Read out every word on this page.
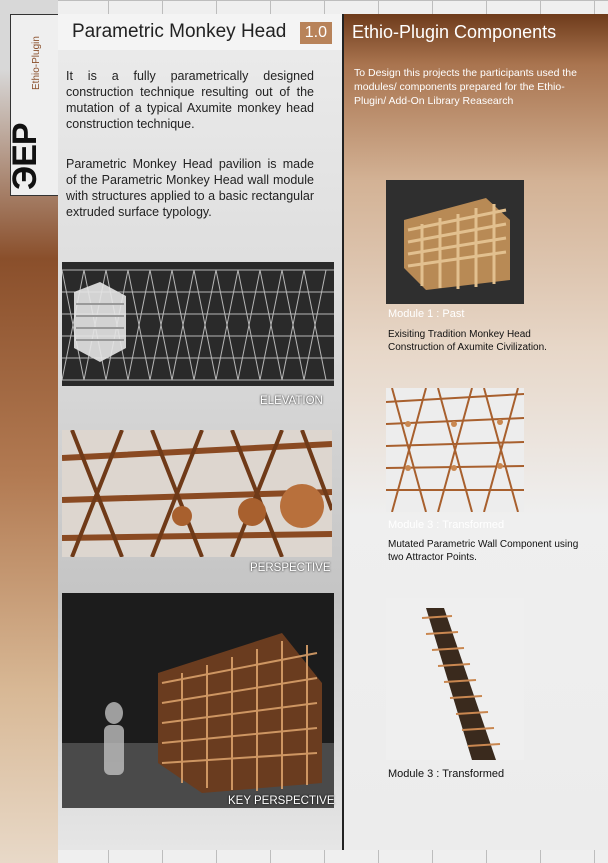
Ethio-Plugin
ЭEP
Parametric Monkey Head	1.0 Ethio-Plugin Components
To Design this projects the participants used the modules/ components prepared for the Ethio-Plugin/ Add-On Library Reasearch
It is a fully parametrically designed construction technique resulting out of the mutation of a typical Axumite monkey head construction technique.
Parametric Monkey Head pavilion is made of the Parametric Monkey Head wall module with structures applied to a basic rectangular extruded surface typology.
ELEVATION
PERSPECTIVE
KEY PERSPECTIVE
Module 1 : Past
Exisiting Tradition Monkey Head Construction of Axumite Civilization.
Module 3 : Transformed
Mutated Parametric Wall Component using two Attractor Points.
Module 3 : Transformed
